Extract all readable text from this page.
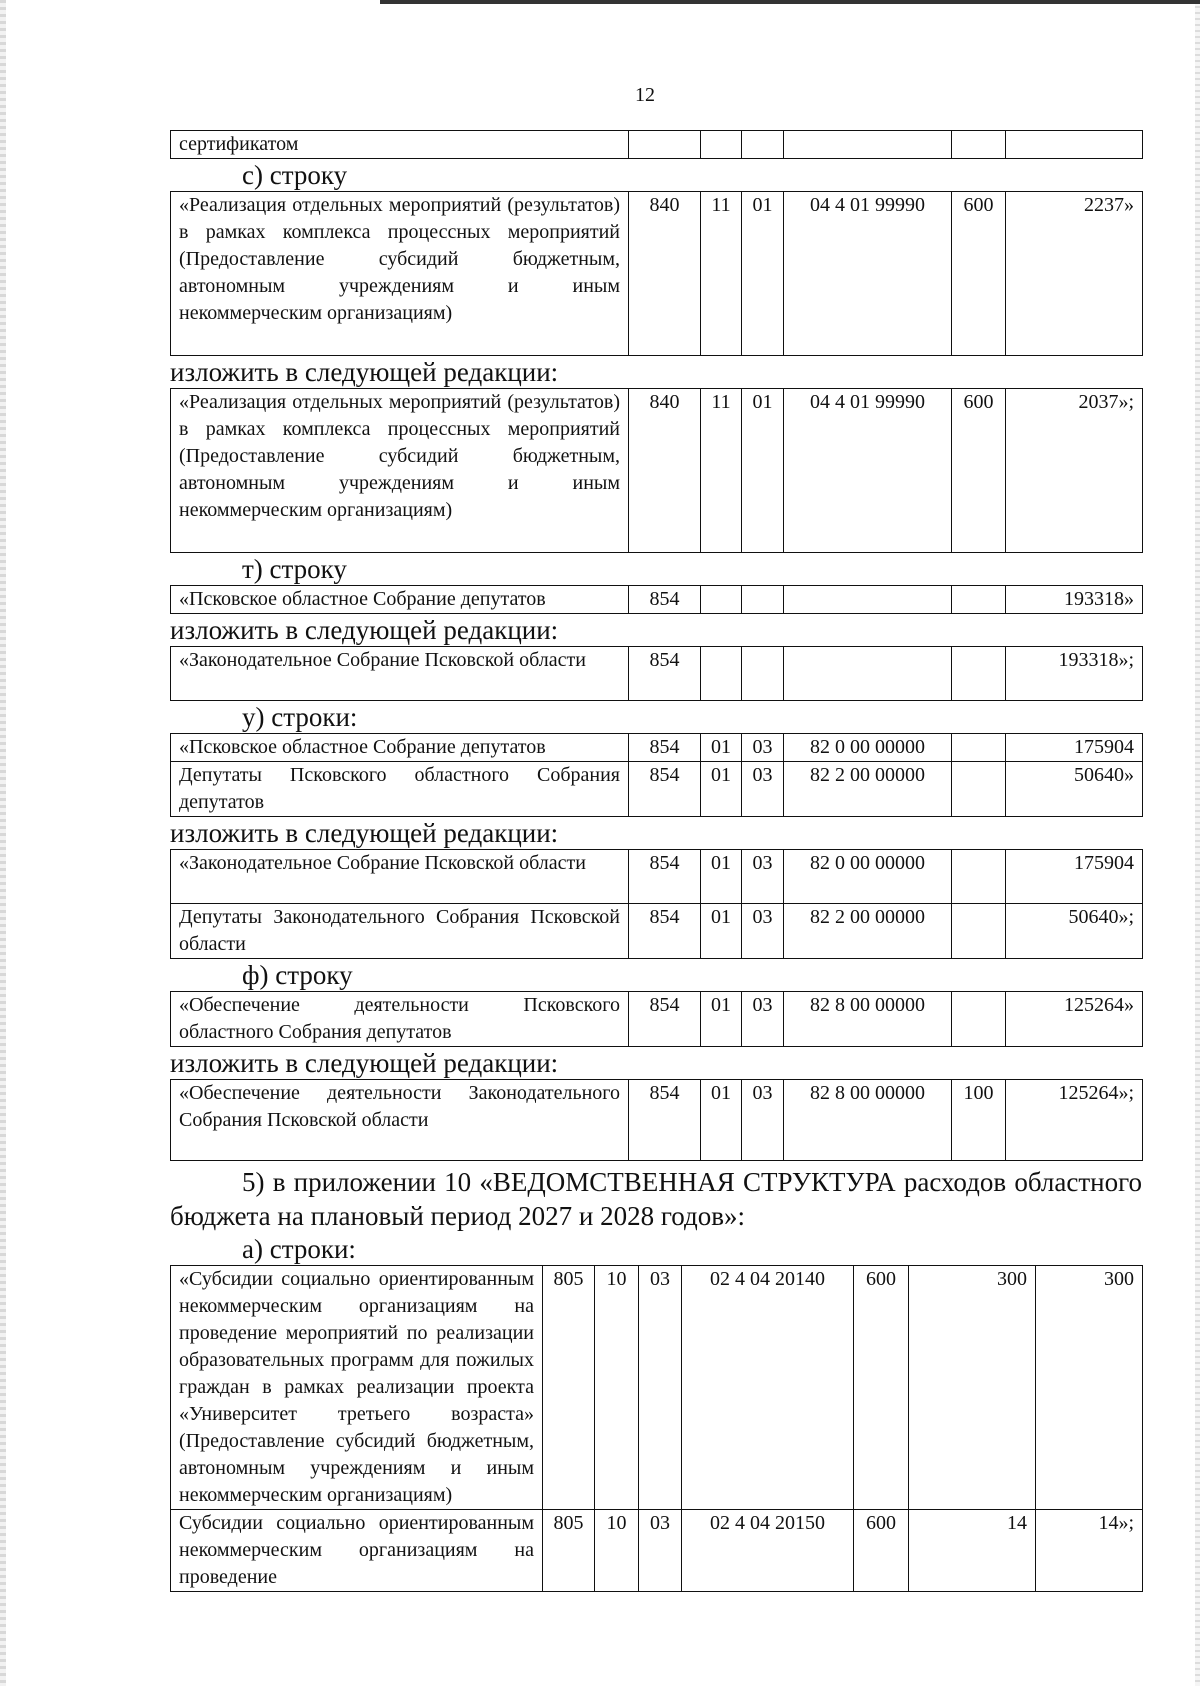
12
сертификатом						

с) строку

«Реализация отдельных мероприятий (результатов) в рамках комплекса процессных мероприятий (Предоставление субсидий бюджетным, автономным учреждениям и иным некоммерческим организациям)	840	11	01	04 4 01 99990	600	2237»

изложить в следующей редакции:

«Реализация отдельных мероприятий (результатов) в рамках комплекса процессных мероприятий (Предоставление субсидий бюджетным, автономным учреждениям и иным некоммерческим организациям)	840	11	01	04 4 01 99990	600	2037»;

т) строку

«Псковское областное Собрание депутатов	854					193318»

изложить в следующей редакции:

«Законодательное Собрание Псковской области	854					193318»;

у) строки:

«Псковское областное Собрание депутатов	854	01	03	82 0 00 00000		175904
Депутаты Псковского областного Собрания депутатов	854	01	03	82 2 00 00000		50640»

изложить в следующей редакции:

«Законодательное Собрание Псковской области	854	01	03	82 0 00 00000		175904
Депутаты Законодательного Собрания Псковской области	854	01	03	82 2 00 00000		50640»;

ф) строку

«Обеспечение деятельности Псковского областного Собрания депутатов	854	01	03	82 8 00 00000		125264»

изложить в следующей редакции:

«Обеспечение деятельности Законодательного Собрания Псковской области	854	01	03	82 8 00 00000	100	125264»;

5) в приложении 10 «ВЕДОМСТВЕННАЯ СТРУКТУРА расходов областного бюджета на плановый период 2027 и 2028 годов»:

а) строки:

«Субсидии социально ориентированным некоммерческим организациям на проведение мероприятий по реализации образовательных программ для пожилых граждан в рамках реализации проекта «Университет третьего возраста» (Предоставление субсидий бюджетным, автономным учреждениям и иным некоммерческим организациям)	805	10	03	02 4 04 20140	600	300	300
Субсидии социально ориентированным некоммерческим организациям на проведение	805	10	03	02 4 04 20150	600	14	14»;
